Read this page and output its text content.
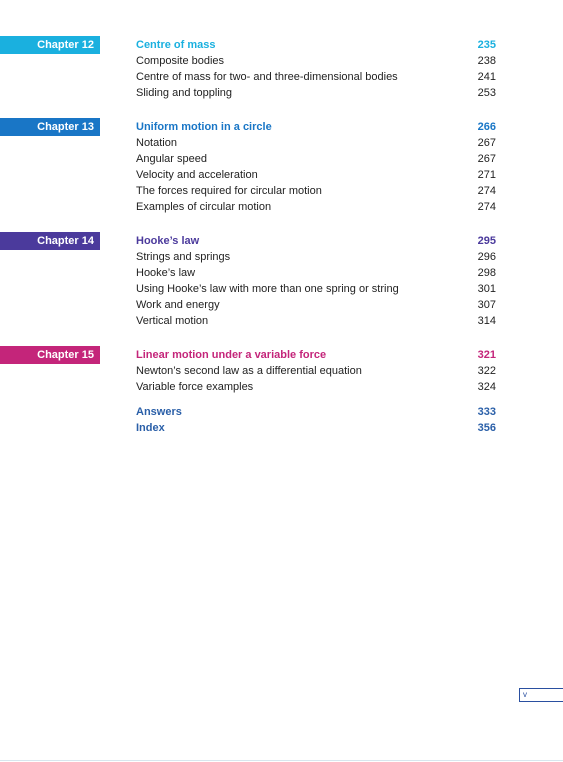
Chapter 12	Centre of mass	235
Composite bodies	238
Centre of mass for two- and three-dimensional bodies	241
Sliding and toppling	253
Chapter 13	Uniform motion in a circle	266
Notation	267
Angular speed	267
Velocity and acceleration	271
The forces required for circular motion	274
Examples of circular motion	274
Chapter 14	Hooke’s law	295
Strings and springs	296
Hooke’s law	298
Using Hooke’s law with more than one spring or string	301
Work and energy	307
Vertical motion	314
Chapter 15	Linear motion under a variable force	321
Newton’s second law as a differential equation	322
Variable force examples	324
Answers	333
Index	356
v
